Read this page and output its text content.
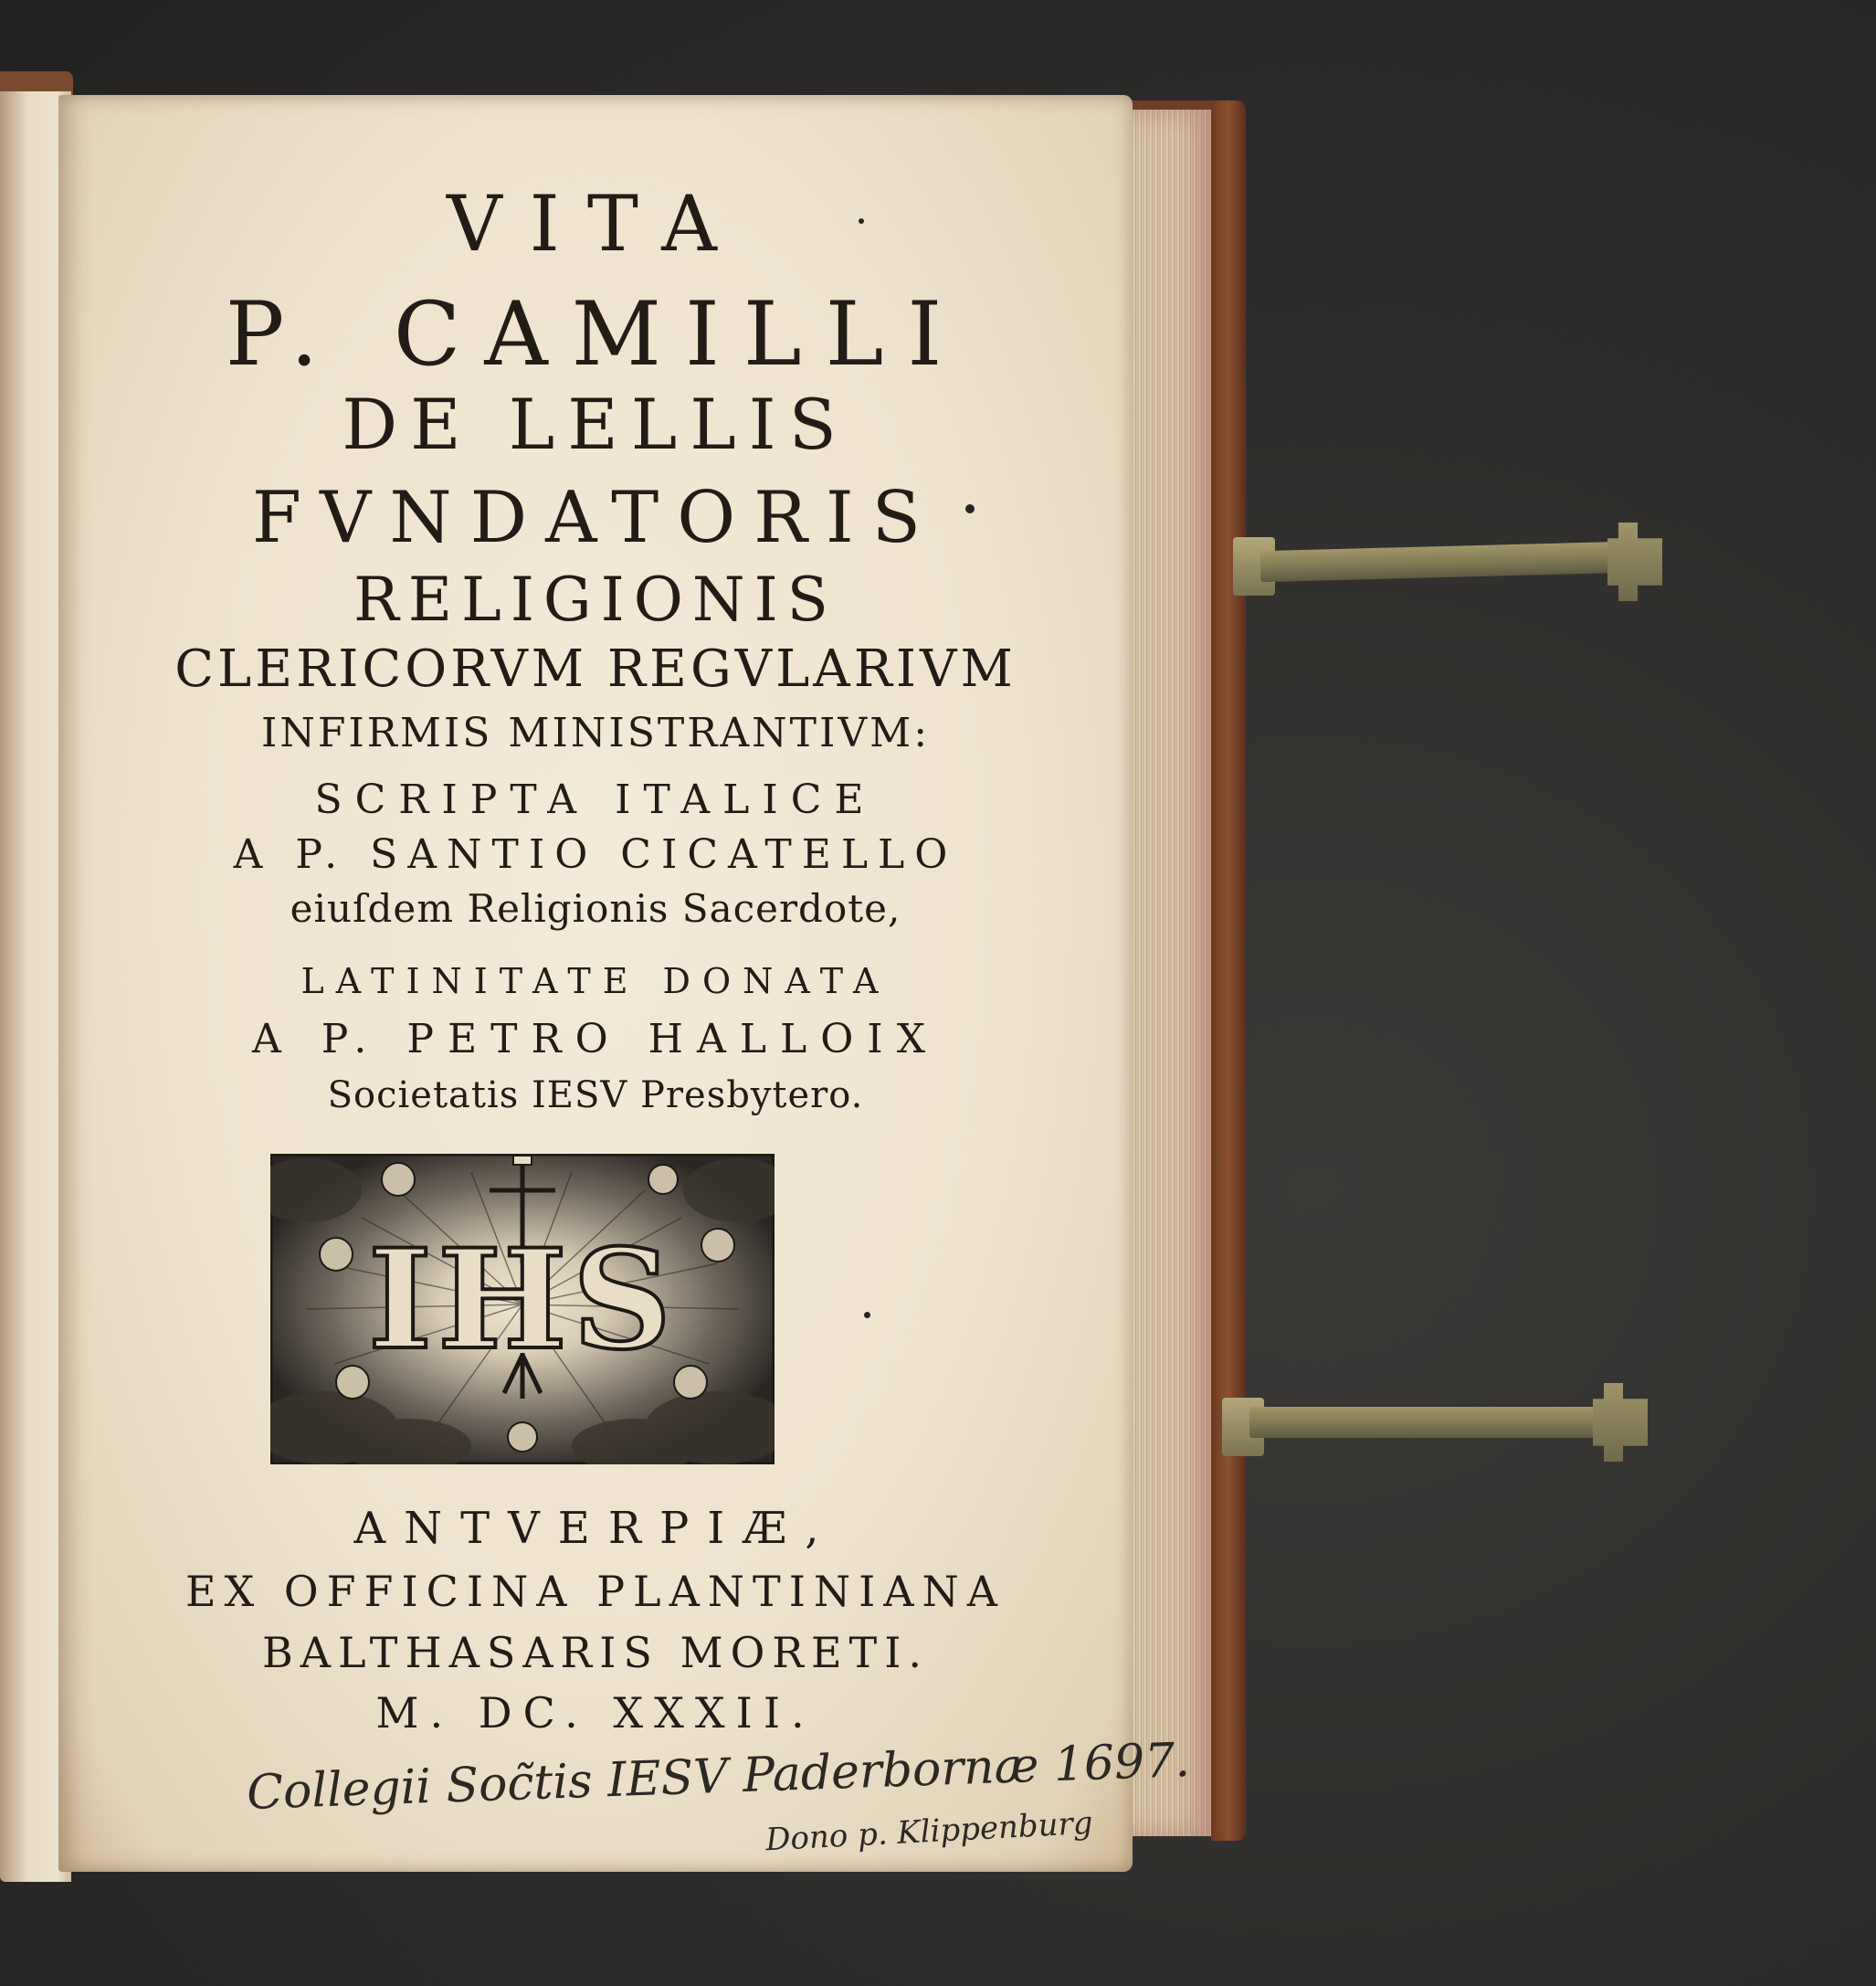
VITA
P. CAMILLI
DE LELLIS
FVNDATORIS
RELIGIONIS
CLERICORVM REGVLARIVM
INFIRMIS MINISTRANTIVM:
SCRIPTA ITALICE
A P. SANTIO CICATELLO
eiuſdem Religionis Sacerdote,
LATINITATE DONATA
A P. PETRO HALLOIX
Societatis IESV Presbytero.
IHS
ANTVERPIÆ,
EX OFFICINA PLANTINIANA
BALTHASARIS MORETI.
M. DC. XXXII.
Collegii Soc̃tis IESV Paderbornæ 1697.
Dono p. Klippenburg
